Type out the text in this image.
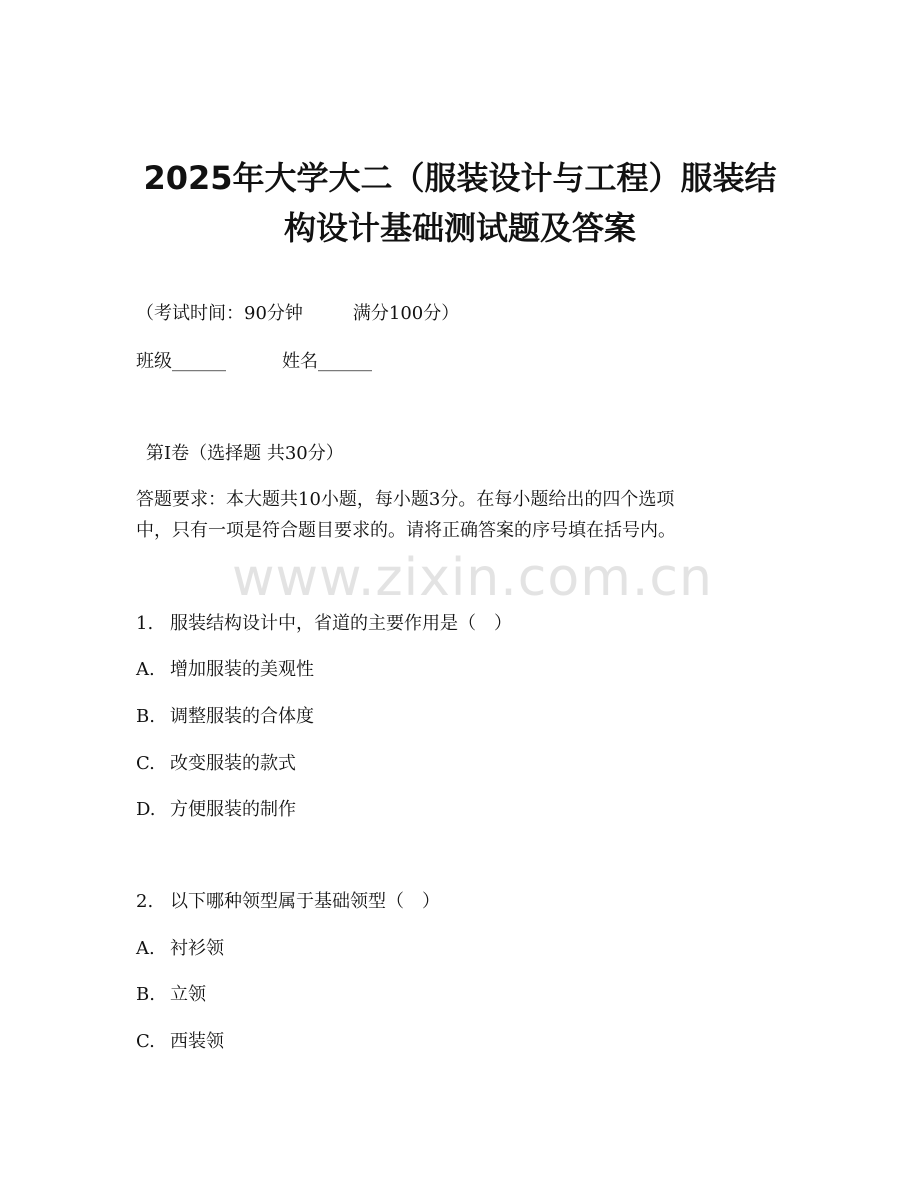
2025年大学大二（服装设计与工程）服装结
构设计基础测试题及答案
（考试时间：90分钟	满分100分）
班级______	姓名______
第I卷（选择题 共30分）
答题要求：本大题共10小题，每小题3分。在每小题给出的四个选项
中，只有一项是符合题目要求的。请将正确答案的序号填在括号内。
www.zixin.com.cn
1. 服装结构设计中，省道的主要作用是（　）
A. 增加服装的美观性
B. 调整服装的合体度
C. 改变服装的款式
D. 方便服装的制作
2. 以下哪种领型属于基础领型（　）
A. 衬衫领
B. 立领
C. 西装领
